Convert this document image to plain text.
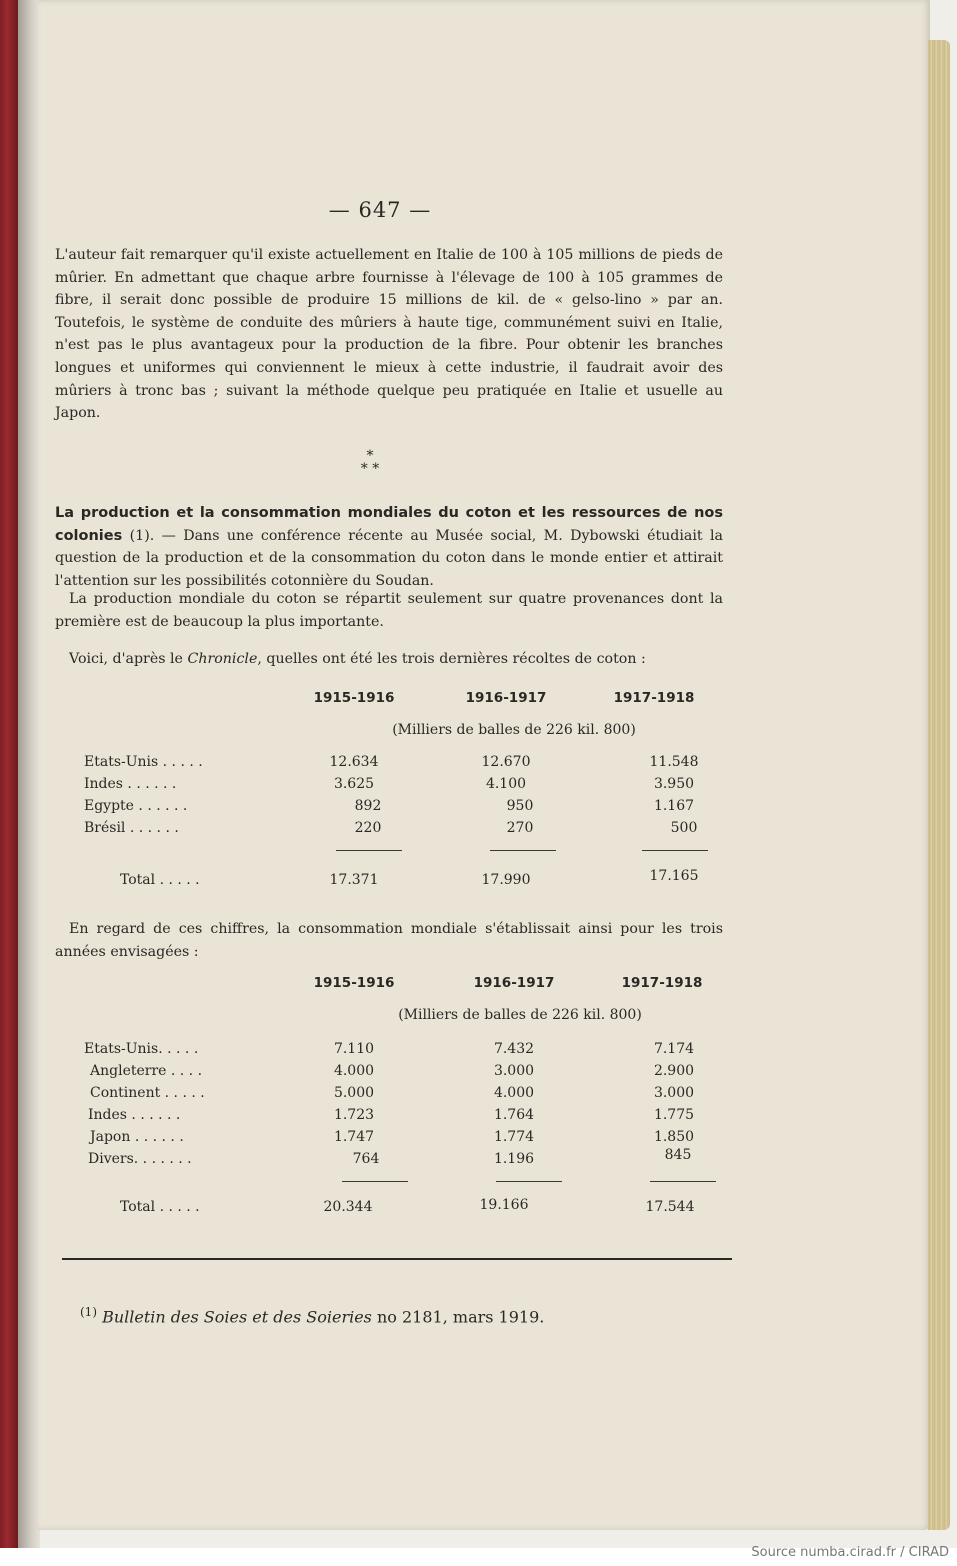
— 647 —

L'auteur fait remarquer qu'il existe actuellement en Italie de 100 à 105 millions de pieds de mûrier. En admettant que chaque arbre fournisse à l'élevage de 100 à 105 grammes de fibre, il serait donc possible de produire 15 millions de kil. de « gelso-lino » par an. Toutefois, le système de conduite des mûriers à haute tige, communément suivi en Italie, n'est pas le plus avantageux pour la production de la fibre. Pour obtenir les branches longues et uniformes qui conviennent le mieux à cette industrie, il faudrait avoir des mûriers à tronc bas ; suivant la méthode quelque peu pratiquée en Italie et usuelle au Japon.

*
* *

La production et la consommation mondiales du coton et les ressources de nos colonies (1). — Dans une conférence récente au Musée social, M. Dybowski étudiait la question de la production et de la consommation du coton dans le monde entier et attirait l'attention sur les possibilités cotonnière du Soudan.

La production mondiale du coton se répartit seulement sur quatre provenances dont la première est de beaucoup la plus importante.

Voici, d'après le Chronicle, quelles ont été les trois dernières récoltes de coton :

1915-1916	1916-1917	1917-1918
(Milliers de balles de 226 kil. 800)
Etats-Unis . . . . .	12.634	12.670	11.548
Indes . . . . . .	3.625	4.100	3.950
Egypte . . . . . .	892	950	1.167
Brésil . . . . . .	220	270	500
Total . . . . .	17.371	17.990	17.165

En regard de ces chiffres, la consommation mondiale s'établissait ainsi pour les trois années envisagées :

1915-1916	1916-1917	1917-1918
(Milliers de balles de 226 kil. 800)
Etats-Unis. . . . .	7.110	7.432	7.174
Angleterre . . . .	4.000	3.000	2.900
Continent . . . . .	5.000	4.000	3.000
Indes . . . . . .	1.723	1.764	1.775
Japon . . . . . .	1.747	1.774	1.850
Divers. . . . . . .	764	1.196	845
Total . . . . .	20.344	19.166	17.544
$^{(1)}$ Bulletin des Soies et des Soieries no 2181, mars 1919.
Source numba.cirad.fr / CIRAD
